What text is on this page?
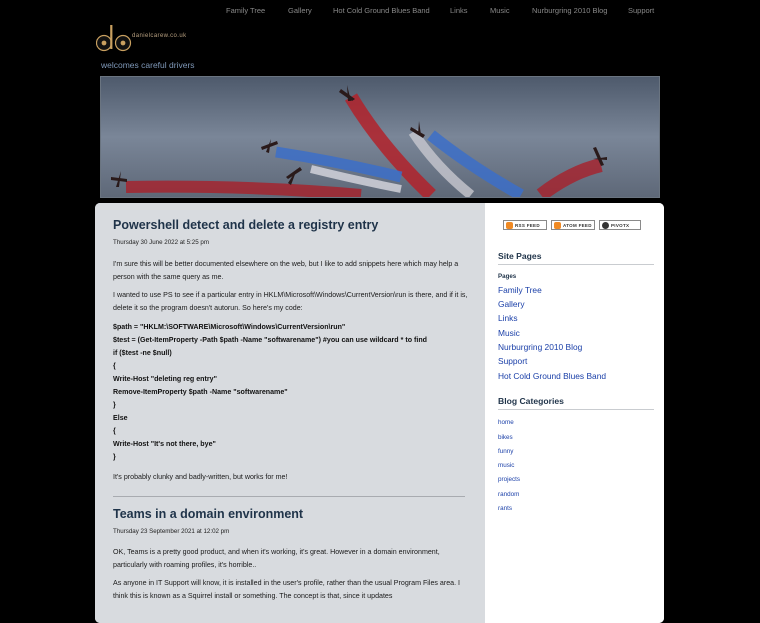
Family Tree	Gallery	Hot Cold Ground Blues Band	Links	Music	Nurburgring 2010 Blog	Support
danielcarew.co.uk
welcomes careful drivers
Powershell detect and delete a registry entry
Thursday 30 June 2022 at 5:25 pm
I'm sure this will be better documented elsewhere on the web, but I like to add snippets here which may help a person with the same query as me.
I wanted to use PS to see if a particular entry in HKLM\Microsoft\Windows\CurrentVersion\run is there, and if it is, delete it so the program doesn't autorun. So here's my code:
$path = "HKLM:\SOFTWARE\Microsoft\Windows\CurrentVersion\run"
$test = (Get-ItemProperty -Path $path -Name "softwarename") #you can use wildcard * to find
if ($test -ne $null)
{
Write-Host "deleting reg entry"
Remove-ItemProperty $path -Name "softwarename"
}
Else
{
Write-Host "It's not there, bye"
}
It's probably clunky and badly-written, but works for me!
Teams in a domain environment
Thursday 23 September 2021 at 12:02 pm
OK, Teams is a pretty good product, and when it's working, it's great. However in a domain environment, particularly with roaming profiles, it's horrible..
As anyone in IT Support will know, it is installed in the user's profile, rather than the usual Program Files area. I think this is known as a Squirrel install or something. The concept is that, since it updates
RSS FEED	ATOM FEED	PIVOTX
Site Pages
Pages
Family Tree
Gallery
Links
Music
Nurburgring 2010 Blog
Support
Hot Cold Ground Blues Band
Blog Categories
home
bikes
funny
music
projects
random
rants
